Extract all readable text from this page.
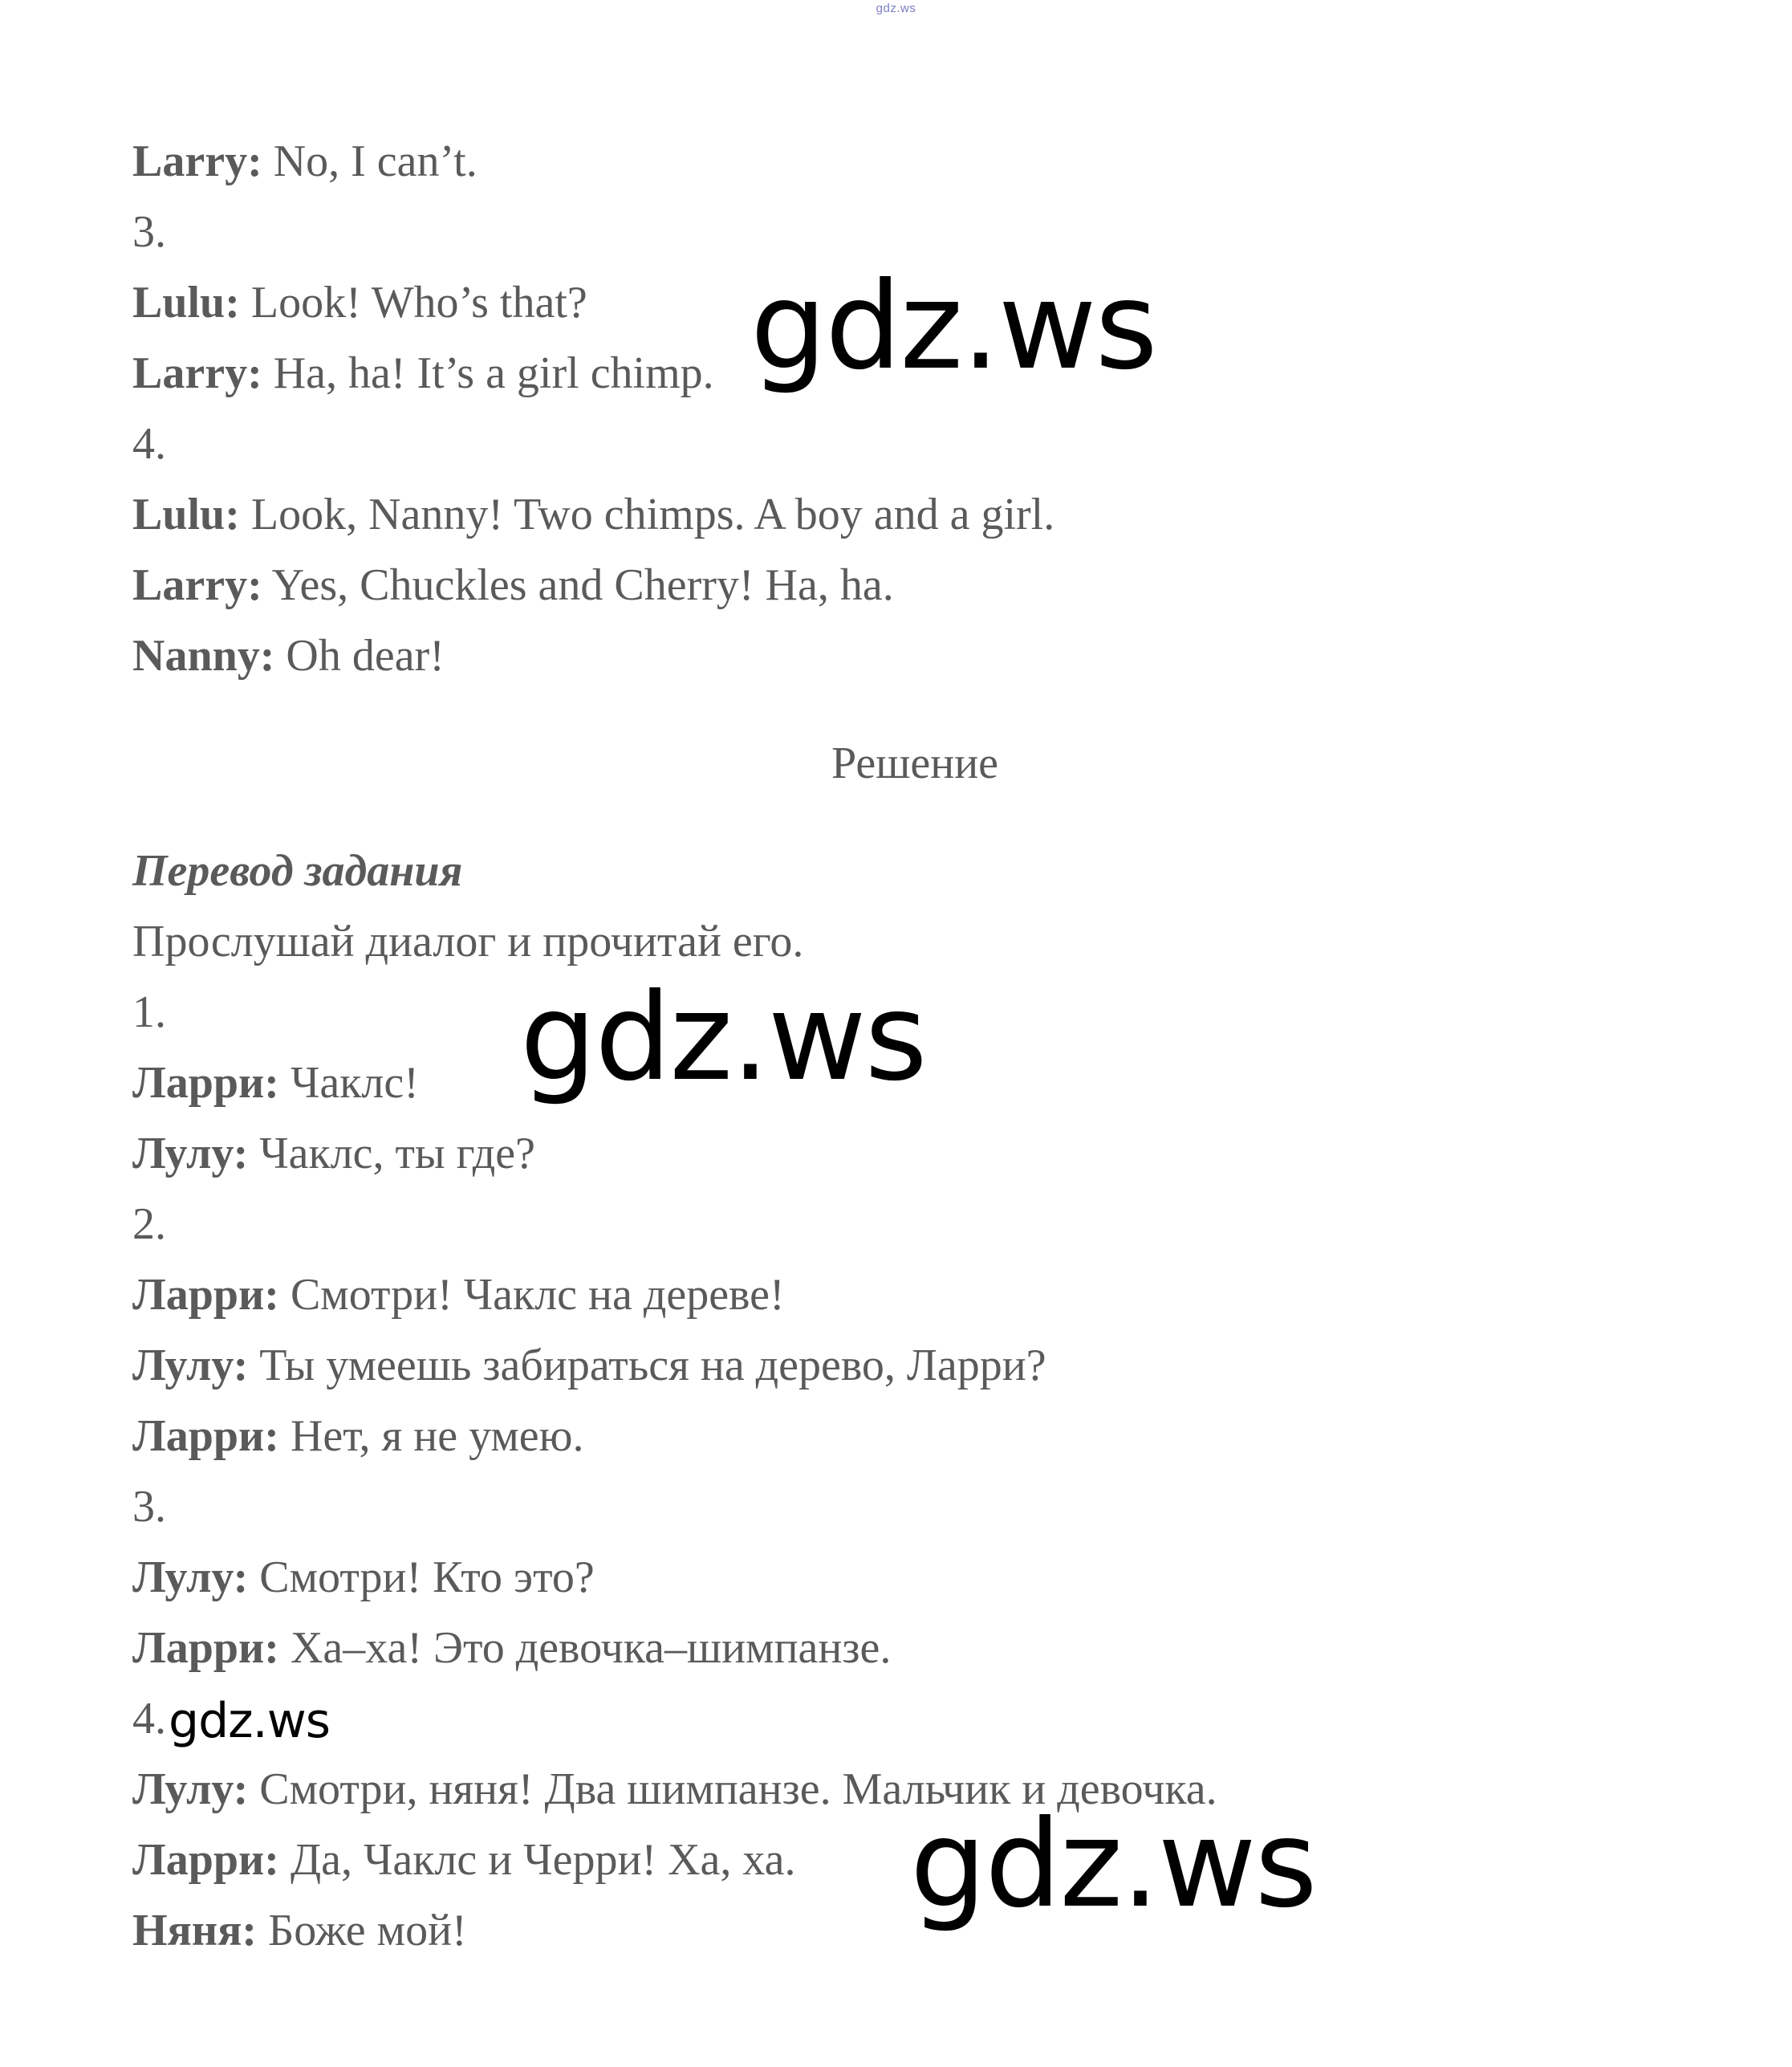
gdz.ws
Larry: No, I can’t.
3.
Lulu: Look! Who’s that?
Larry: Ha, ha! It’s a girl chimp.
4.
Lulu: Look, Nanny! Two chimps. A boy and a girl.
Larry: Yes, Chuckles and Cherry! Ha, ha.
Nanny: Oh dear!
Решение
Перевод задания
Прослушай диалог и прочитай его.
1.
Ларри: Чаклс!
Лулу: Чаклс, ты где?
2.
Ларри: Смотри! Чаклс на дереве!
Лулу: Ты умеешь забираться на дерево, Ларри?
Ларри: Нет, я не умею.
3.
Лулу: Смотри! Кто это?
Ларри: Ха–ха! Это девочка–шимпанзе.
4.
Лулу: Смотри, няня! Два шимпанзе. Мальчик и девочка.
Ларри: Да, Чаклс и Черри! Ха, ха.
Няня: Боже мой!
gdz.ws
gdz.ws
gdz.ws
gdz.ws
